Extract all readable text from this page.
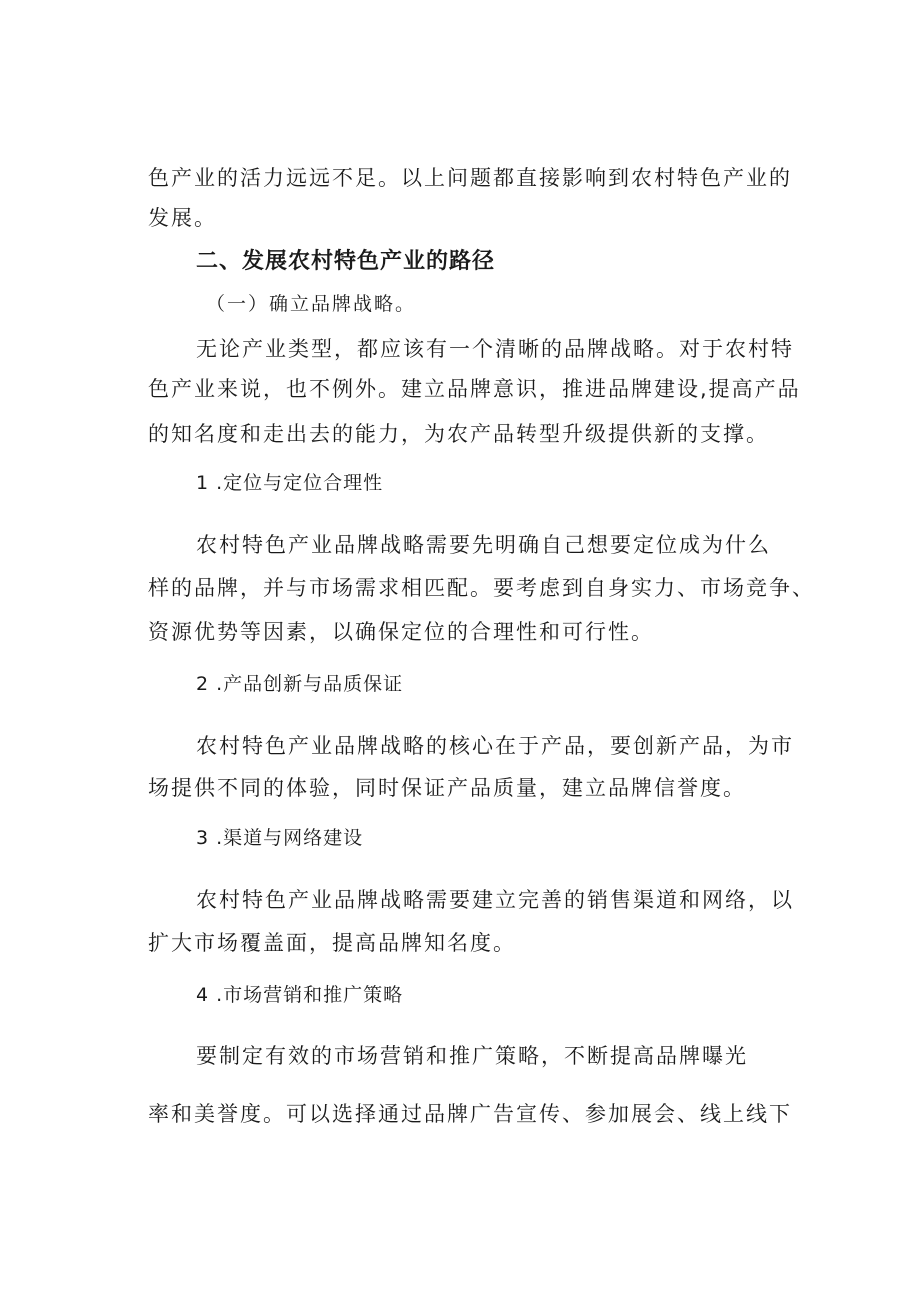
色产业的活力远远不足。以上问题都直接影响到农村特色产业的
发展。
二、发展农村特色产业的路径
（一）确立品牌战略。
无论产业类型，都应该有一个清晰的品牌战略。对于农村特
色产业来说，也不例外。建立品牌意识，推进品牌建设,提高产品
的知名度和走出去的能力，为农产品转型升级提供新的支撑。
1 .定位与定位合理性
农村特色产业品牌战略需要先明确自己想要定位成为什么
样的品牌，并与市场需求相匹配。要考虑到自身实力、市场竞争、
资源优势等因素，以确保定位的合理性和可行性。
2 .产品创新与品质保证
农村特色产业品牌战略的核心在于产品，要创新产品，为市
场提供不同的体验，同时保证产品质量，建立品牌信誉度。
3 .渠道与网络建设
农村特色产业品牌战略需要建立完善的销售渠道和网络，以
扩大市场覆盖面，提高品牌知名度。
4 .市场营销和推广策略
要制定有效的市场营销和推广策略，不断提高品牌曝光
率和美誉度。可以选择通过品牌广告宣传、参加展会、线上线下
